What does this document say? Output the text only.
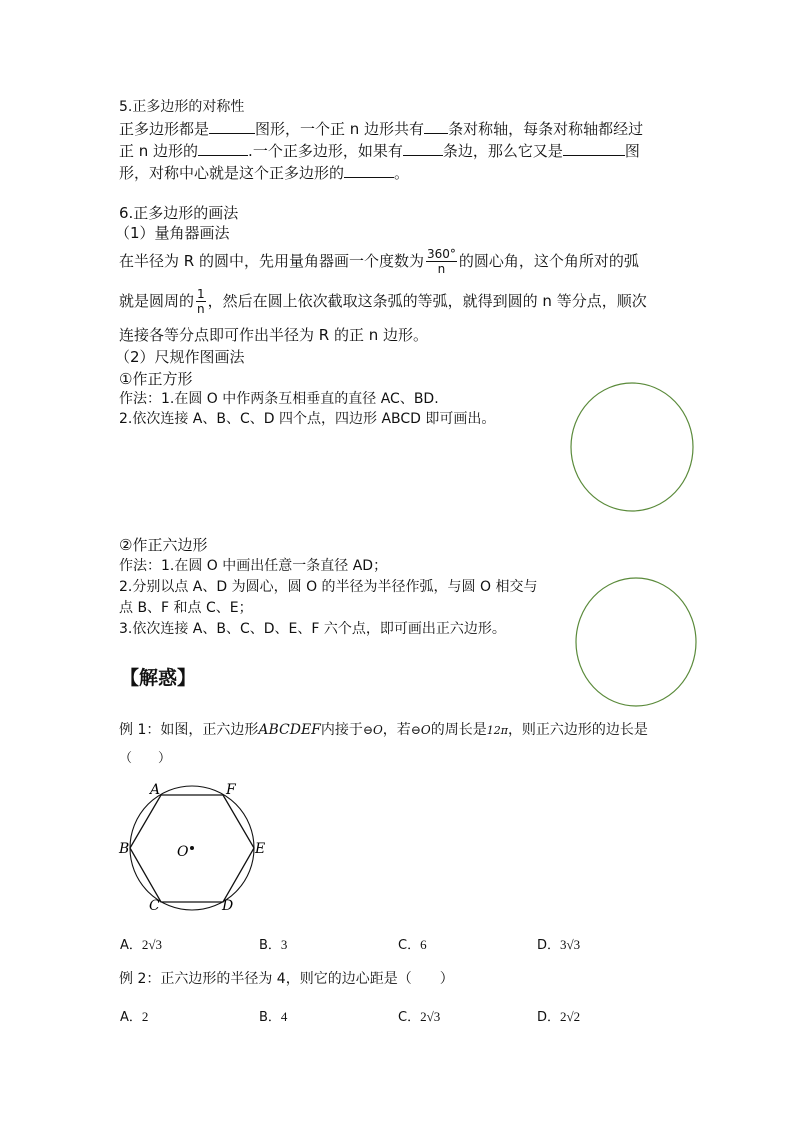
5.正多边形的对称性
正多边形都是	图形，一个正 n 边形共有 条对称轴，每条对称轴都经过
正 n 边形的	.一个正多边形，如果有	条边，那么它又是	图
形，对称中心就是这个正多边形的	。
6.正多边形的画法
（1）量角器画法
在半径为 R 的圆中，先用量角器画一个度数为 $\frac{360^\circ}{n}$ 的圆心角，这个角所对的弧
就是圆周的 $\frac{1}{n}$ ，然后在圆上依次截取这条弧的等弧，就得到圆的 n 等分点，顺次
连接各等分点即可作出半径为 R 的正 n 边形。
（2）尺规作图画法
①作正方形
作法：1.在圆 O 中作两条互相垂直的直径 AC、BD.
2.依次连接 A、B、C、D 四个点，四边形 ABCD 即可画出。
②作正六边形
作法：1.在圆 O 中画出任意一条直径 AD；
2.分别以点 A、D 为圆心，圆 O 的半径为半径作弧，与圆 O 相交与
点 B、F 和点 C、E；
3.依次连接 A、B、C、D、E、F 六个点，即可画出正六边形。
【解惑】
例 1：如图，正六边形ABCDEF内接于⊖O，若⊖O的周长是12π，则正六边形的边长是
（　　）
A	F
B	E
C	D
O
A．2√3	B．3	C．6	D．3√3
例 2：正六边形的半径为 4，则它的边心距是（　　）
A．2	B．4	C．2√3	D．2√2
